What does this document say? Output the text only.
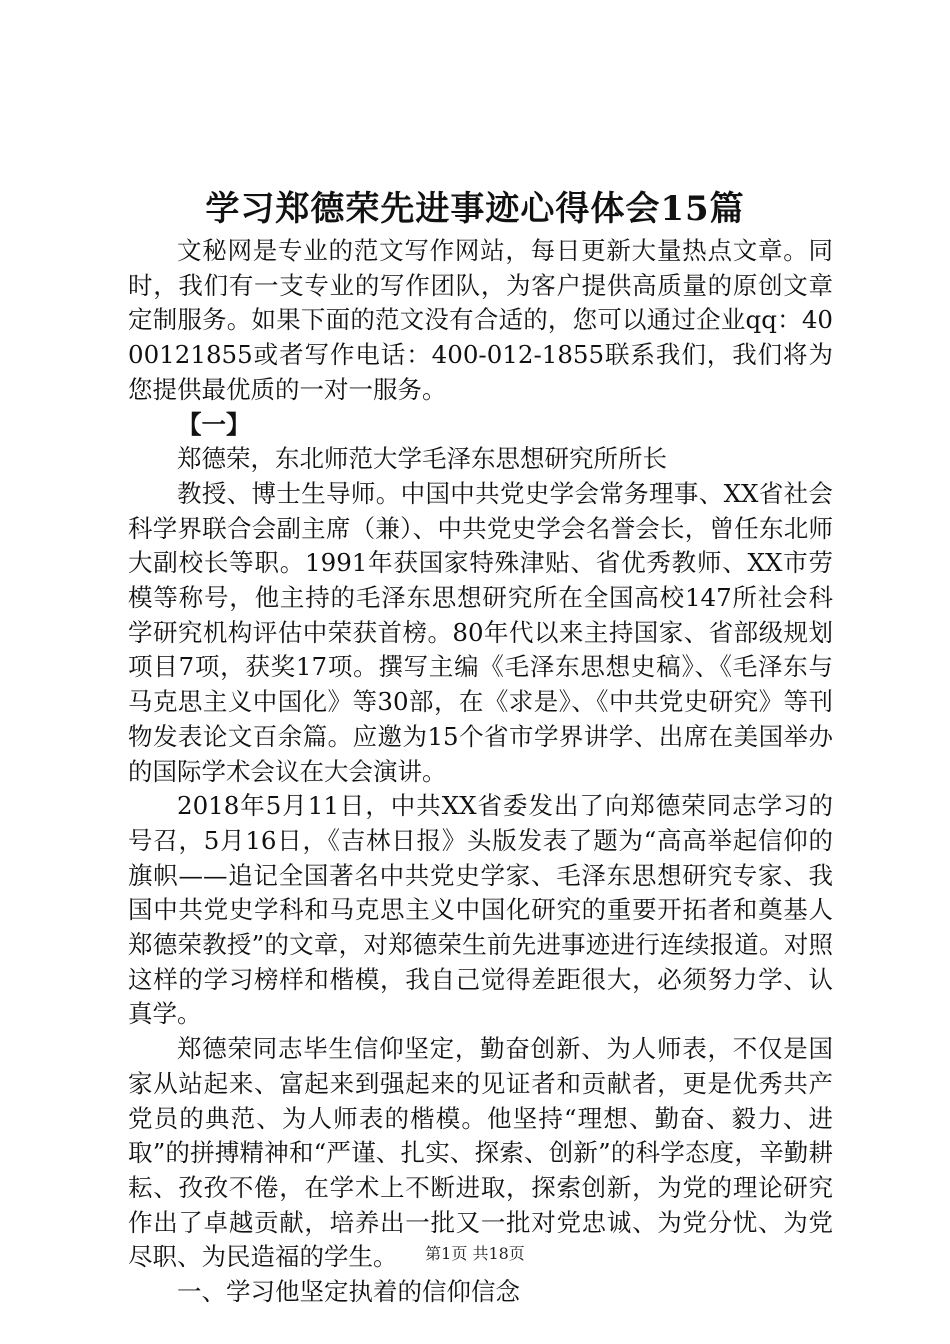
学习郑德荣先进事迹心得体会15篇

文秘网是专业的范文写作网站，每日更新大量热点文章。同时，我们有一支专业的写作团队，为客户提供高质量的原创文章定制服务。如果下面的范文没有合适的，您可以通过企业qq：4000121855或者写作电话：400-012-1855联系我们，我们将为您提供最优质的一对一服务。

【一】

郑德荣，东北师范大学毛泽东思想研究所所长

教授、博士生导师。中国中共党史学会常务理事、XX省社会科学界联合会副主席（兼）、中共党史学会名誉会长，曾任东北师大副校长等职。1991年获国家特殊津贴、省优秀教师、XX市劳模等称号，他主持的毛泽东思想研究所在全国高校147所社会科学研究机构评估中荣获首榜。80年代以来主持国家、省部级规划项目7项，获奖17项。撰写主编《毛泽东思想史稿》、《毛泽东与马克思主义中国化》等30部，在《求是》、《中共党史研究》等刊物发表论文百余篇。应邀为15个省市学界讲学、出席在美国举办的国际学术会议在大会演讲。

2018年5月11日，中共XX省委发出了向郑德荣同志学习的号召，5月16日，《吉林日报》头版发表了题为“高高举起信仰的旗帜——追记全国著名中共党史学家、毛泽东思想研究专家、我国中共党史学科和马克思主义中国化研究的重要开拓者和奠基人郑德荣教授”的文章，对郑德荣生前先进事迹进行连续报道。对照这样的学习榜样和楷模，我自己觉得差距很大，必须努力学、认真学。

郑德荣同志毕生信仰坚定，勤奋创新、为人师表，不仅是国家从站起来、富起来到强起来的见证者和贡献者，更是优秀共产党员的典范、为人师表的楷模。他坚持“理想、勤奋、毅力、进取”的拼搏精神和“严谨、扎实、探索、创新”的科学态度，辛勤耕耘、孜孜不倦，在学术上不断进取，探索创新，为党的理论研究作出了卓越贡献，培养出一批又一批对党忠诚、为党分忧、为党尽职、为民造福的学生。

一、学习他坚定执着的信仰信念

第1页 共18页
